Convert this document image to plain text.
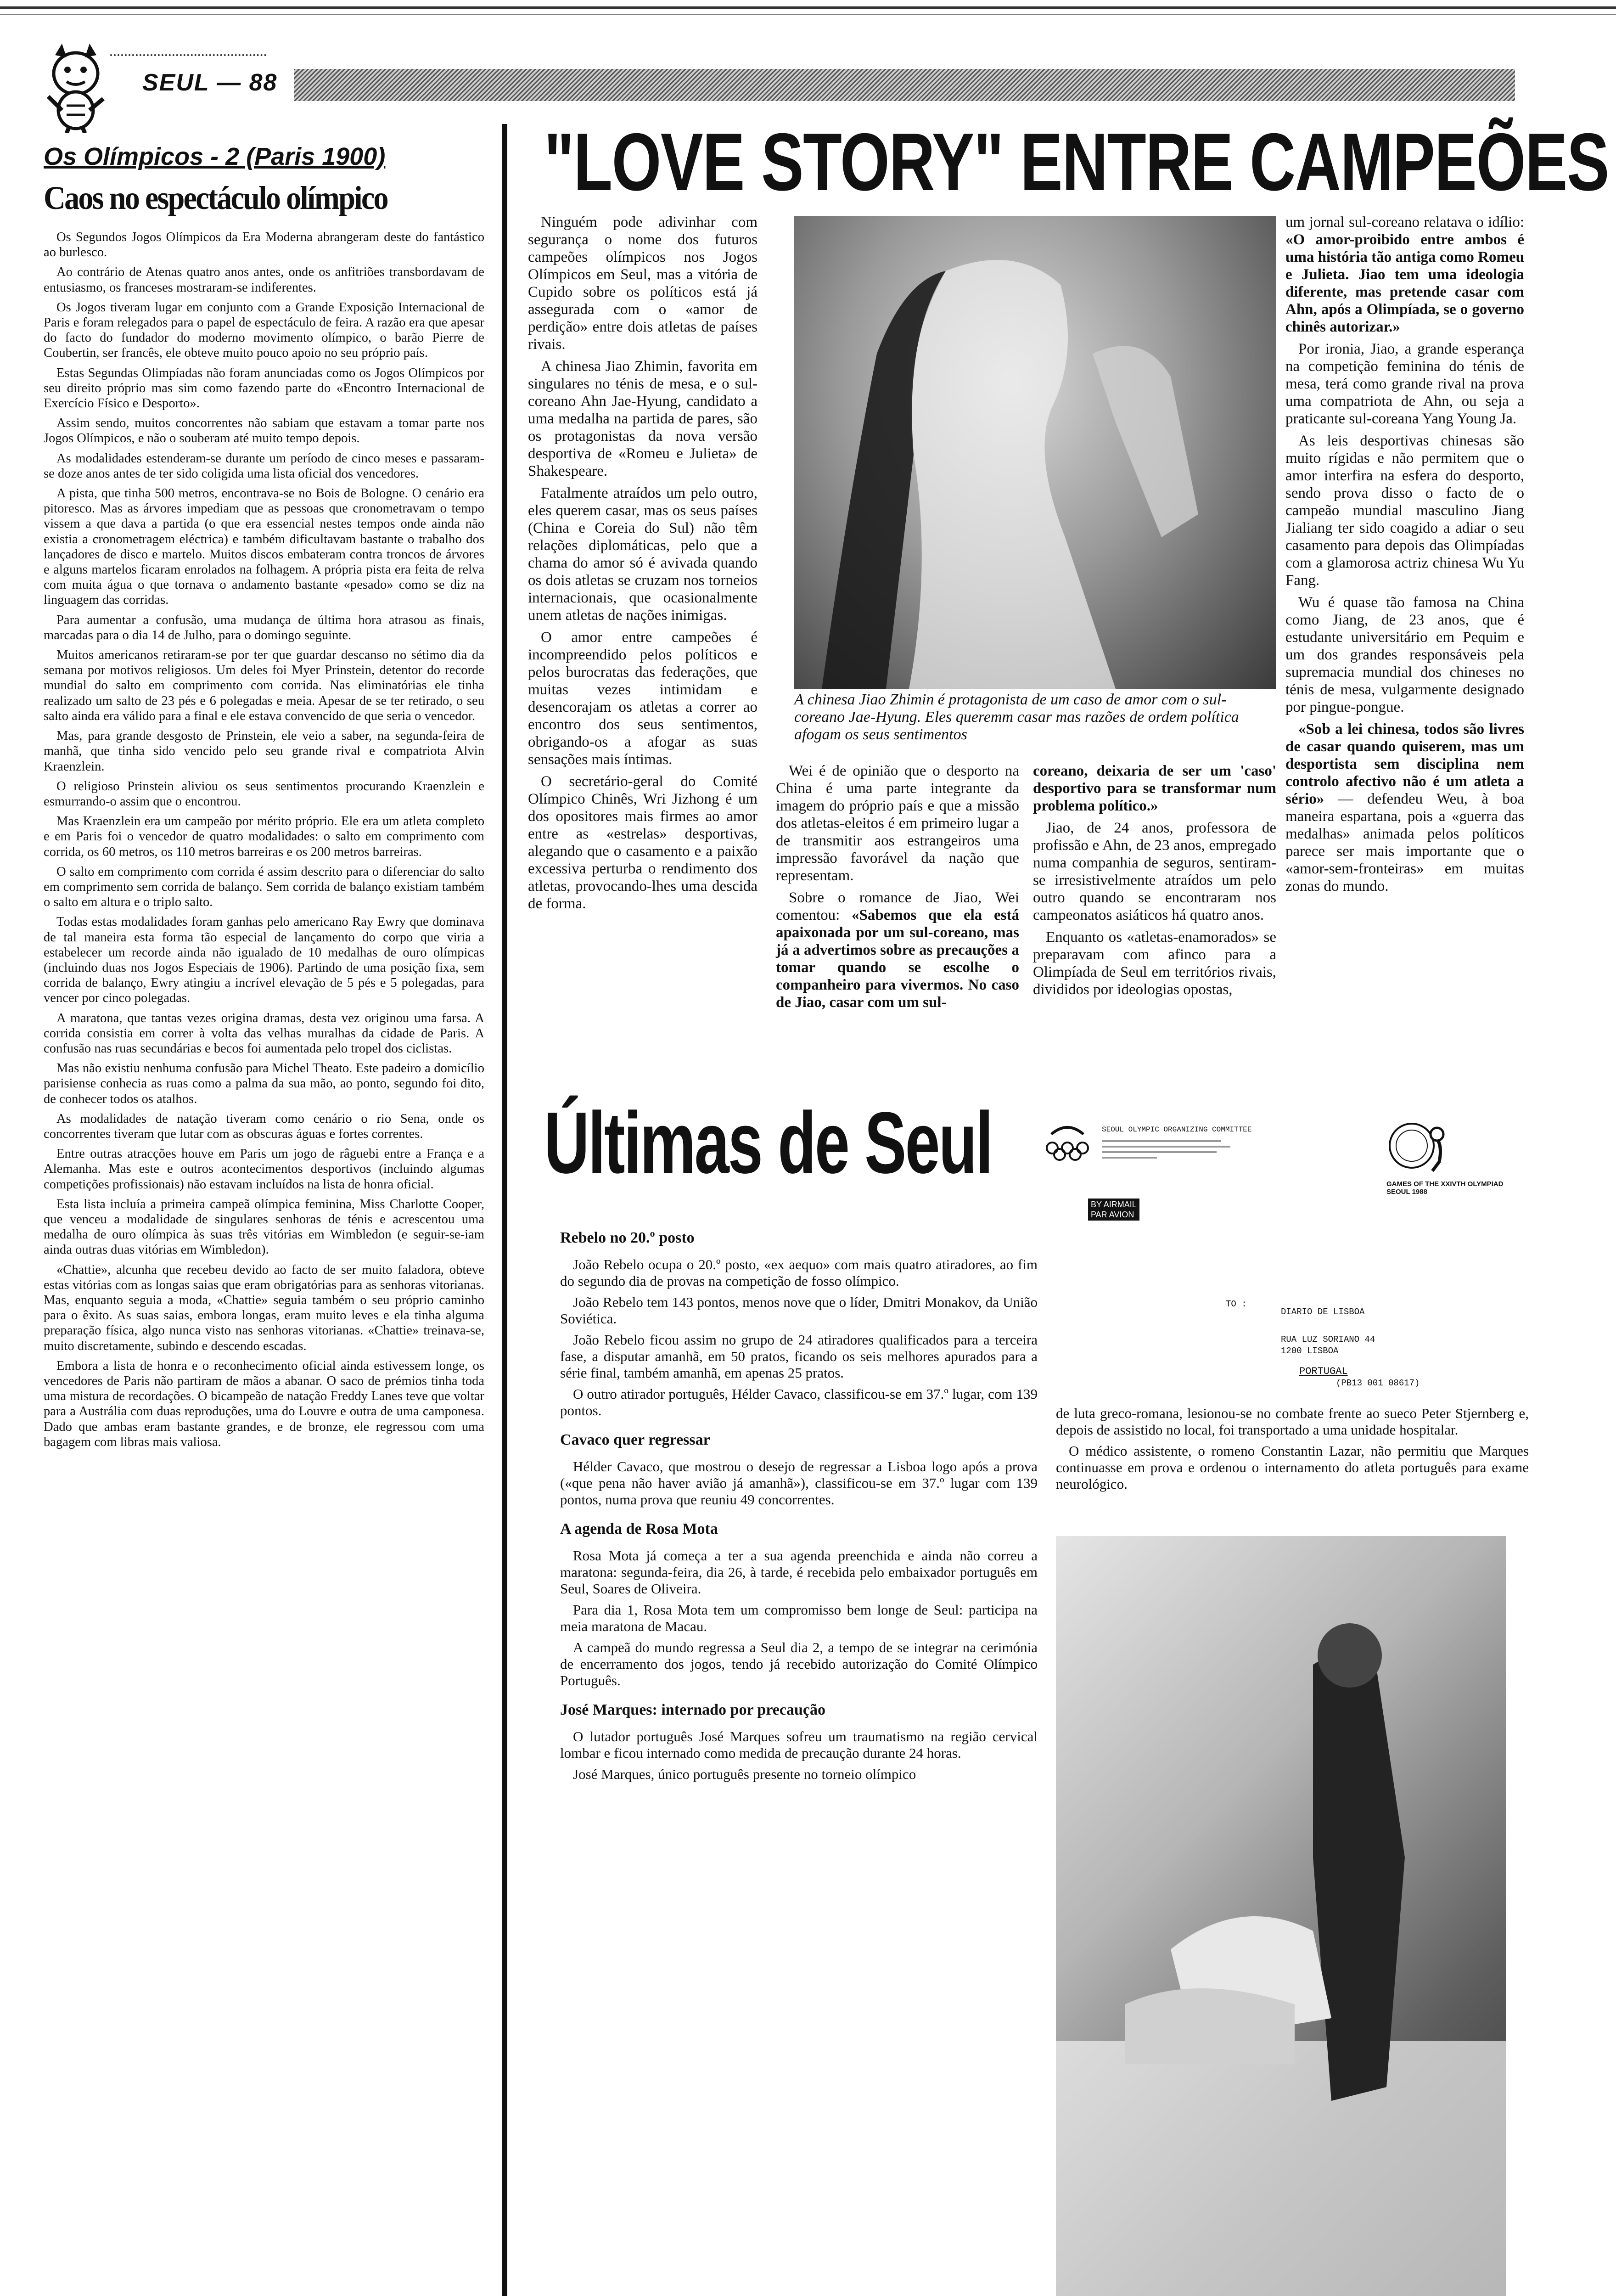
SEUL — 88
Os Olímpicos - 2 (Paris 1900)
Caos no espectáculo olímpico

Os Segundos Jogos Olímpicos da Era Moderna abrangeram deste do fantástico ao burlesco.

Ao contrário de Atenas quatro anos antes, onde os anfitriões transbordavam de entusiasmo, os franceses mostraram-se indiferentes.

Os Jogos tiveram lugar em conjunto com a Grande Exposição Internacional de Paris e foram relegados para o papel de espectáculo de feira. A razão era que apesar do facto do fundador do moderno movimento olímpico, o barão Pierre de Coubertin, ser francês, ele obteve muito pouco apoio no seu próprio país.

Estas Segundas Olimpíadas não foram anunciadas como os Jogos Olímpicos por seu direito próprio mas sim como fazendo parte do «Encontro Internacional de Exercício Físico e Desporto».

Assim sendo, muitos concorrentes não sabiam que estavam a tomar parte nos Jogos Olímpicos, e não o souberam até muito tempo depois.

As modalidades estenderam-se durante um período de cinco meses e passaram-se doze anos antes de ter sido coligida uma lista oficial dos vencedores.

A pista, que tinha 500 metros, encontrava-se no Bois de Bologne. O cenário era pitoresco. Mas as árvores impediam que as pessoas que cronometravam o tempo vissem a que dava a partida (o que era essencial nestes tempos onde ainda não existia a cronometragem eléctrica) e também dificultavam bastante o trabalho dos lançadores de disco e martelo. Muitos discos embateram contra troncos de árvores e alguns martelos ficaram enrolados na folhagem. A própria pista era feita de relva com muita água o que tornava o andamento bastante «pesado» como se diz na linguagem das corridas.

Para aumentar a confusão, uma mudança de última hora atrasou as finais, marcadas para o dia 14 de Julho, para o domingo seguinte.

Muitos americanos retiraram-se por ter que guardar descanso no sétimo dia da semana por motivos religiosos. Um deles foi Myer Prinstein, detentor do recorde mundial do salto em comprimento com corrida. Nas eliminatórias ele tinha realizado um salto de 23 pés e 6 polegadas e meia. Apesar de se ter retirado, o seu salto ainda era válido para a final e ele estava convencido de que seria o vencedor.

Mas, para grande desgosto de Prinstein, ele veio a saber, na segunda-feira de manhã, que tinha sido vencido pelo seu grande rival e compatriota Alvin Kraenzlein.

O religioso Prinstein aliviou os seus sentimentos procurando Kraenzlein e esmurrando-o assim que o encontrou.

Mas Kraenzlein era um campeão por mérito próprio. Ele era um atleta completo e em Paris foi o vencedor de quatro modalidades: o salto em comprimento com corrida, os 60 metros, os 110 metros barreiras e os 200 metros barreiras.

O salto em comprimento com corrida é assim descrito para o diferenciar do salto em comprimento sem corrida de balanço. Sem corrida de balanço existiam também o salto em altura e o triplo salto.

Todas estas modalidades foram ganhas pelo americano Ray Ewry que dominava de tal maneira esta forma tão especial de lançamento do corpo que viria a estabelecer um recorde ainda não igualado de 10 medalhas de ouro olímpicas (incluindo duas nos Jogos Especiais de 1906). Partindo de uma posição fixa, sem corrida de balanço, Ewry atingiu a incrível elevação de 5 pés e 5 polegadas, para vencer por cinco polegadas.

A maratona, que tantas vezes origina dramas, desta vez originou uma farsa. A corrida consistia em correr à volta das velhas muralhas da cidade de Paris. A confusão nas ruas secundárias e becos foi aumentada pelo tropel dos ciclistas.

Mas não existiu nenhuma confusão para Michel Theato. Este padeiro a domicílio parisiense conhecia as ruas como a palma da sua mão, ao ponto, segundo foi dito, de conhecer todos os atalhos.

As modalidades de natação tiveram como cenário o rio Sena, onde os concorrentes tiveram que lutar com as obscuras águas e fortes correntes.

Entre outras atracções houve em Paris um jogo de râguebi entre a França e a Alemanha. Mas este e outros acontecimentos desportivos (incluindo algumas competições profissionais) não estavam incluídos na lista de honra oficial.

Esta lista incluía a primeira campeã olímpica feminina, Miss Charlotte Cooper, que venceu a modalidade de singulares senhoras de ténis e acrescentou uma medalha de ouro olímpica às suas três vitórias em Wimbledon (e seguir-se-iam ainda outras duas vitórias em Wimbledon).

«Chattie», alcunha que recebeu devido ao facto de ser muito faladora, obteve estas vitórias com as longas saias que eram obrigatórias para as senhoras vitorianas. Mas, enquanto seguia a moda, «Chattie» seguia também o seu próprio caminho para o êxito. As suas saias, embora longas, eram muito leves e ela tinha alguma preparação física, algo nunca visto nas senhoras vitorianas. «Chattie» treinava-se, muito discretamente, subindo e descendo escadas.

Embora a lista de honra e o reconhecimento oficial ainda estivessem longe, os vencedores de Paris não partiram de mãos a abanar. O saco de prémios tinha toda uma mistura de recordações. O bicampeão de natação Freddy Lanes teve que voltar para a Austrália com duas reproduções, uma do Louvre e outra de uma camponesa. Dado que ambas eram bastante grandes, e de bronze, ele regressou com uma bagagem com libras mais valiosa.

"LOVE STORY" ENTRE CAMPEÕES

Ninguém pode adivinhar com segurança o nome dos futuros campeões olímpicos nos Jogos Olímpicos em Seul, mas a vitória de Cupido sobre os políticos está já assegurada com o «amor de perdição» entre dois atletas de países rivais.

A chinesa Jiao Zhimin, favorita em singulares no ténis de mesa, e o sul-coreano Ahn Jae-Hyung, candidato a uma medalha na partida de pares, são os protagonistas da nova versão desportiva de «Romeu e Julieta» de Shakespeare.

Fatalmente atraídos um pelo outro, eles querem casar, mas os seus países (China e Coreia do Sul) não têm relações diplomáticas, pelo que a chama do amor só é avivada quando os dois atletas se cruzam nos torneios internacionais, que ocasionalmente unem atletas de nações inimigas.

O amor entre campeões é incompreendido pelos políticos e pelos burocratas das federações, que muitas vezes intimidam e desencorajam os atletas a correr ao encontro dos seus sentimentos, obrigando-os a afogar as suas sensações mais íntimas.

O secretário-geral do Comité Olímpico Chinês, Wri Jizhong é um dos opositores mais firmes ao amor entre as «estrelas» desportivas, alegando que o casamento e a paixão excessiva perturba o rendimento dos atletas, provocando-lhes uma descida de forma.

A chinesa Jiao Zhimin é protagonista de um caso de amor com o sul-coreano Jae-Hyung. Eles queremm casar mas razões de ordem política afogam os seus sentimentos

Wei é de opinião que o desporto na China é uma parte integrante da imagem do próprio país e que a missão dos atletas-eleitos é em primeiro lugar a de transmitir aos estrangeiros uma impressão favorável da nação que representam.

Sobre o romance de Jiao, Wei comentou: «Sabemos que ela está apaixonada por um sul-coreano, mas já a advertimos sobre as precauções a tomar quando se escolhe o companheiro para vivermos. No caso de Jiao, casar com um sul-

coreano, deixaria de ser um 'caso' desportivo para se transformar num problema político.»

Jiao, de 24 anos, professora de profissão e Ahn, de 23 anos, empregado numa companhia de seguros, sentiram-se irresistivelmente atraídos um pelo outro quando se encontraram nos campeonatos asiáticos há quatro anos.

Enquanto os «atletas-enamorados» se preparavam com afinco para a Olimpíada de Seul em territórios rivais, divididos por ideologias opostas,

um jornal sul-coreano relatava o idílio: «O amor-proibido entre ambos é uma história tão antiga como Romeu e Julieta. Jiao tem uma ideologia diferente, mas pretende casar com Ahn, após a Olimpíada, se o governo chinês autorizar.»

Por ironia, Jiao, a grande esperança na competição feminina do ténis de mesa, terá como grande rival na prova uma compatriota de Ahn, ou seja a praticante sul-coreana Yang Young Ja.

As leis desportivas chinesas são muito rígidas e não permitem que o amor interfira na esfera do desporto, sendo prova disso o facto de o campeão mundial masculino Jiang Jialiang ter sido coagido a adiar o seu casamento para depois das Olimpíadas com a glamorosa actriz chinesa Wu Yu Fang.

Wu é quase tão famosa na China como Jiang, de 23 anos, que é estudante universitário em Pequim e um dos grandes responsáveis pela supremacia mundial dos chineses no ténis de mesa, vulgarmente designado por pingue-pongue.

«Sob a lei chinesa, todos são livres de casar quando quiserem, mas um desportista sem disciplina nem controlo afectivo não é um atleta a sério» — defendeu Weu, à boa maneira espartana, pois a «guerra das medalhas» animada pelos políticos parece ser mais importante que o «amor-sem-fronteiras» em muitas zonas do mundo.

Últimas de Seul	SEOUL OLYMPIC ORGANIZING COMMITTEE
BY AIRMAIL
PAR AVION
GAMES OF THE XXIVTH OLYMPIAD SEOUL 1988
TO :
DIARIO DE LISBOA
RUA LUZ SORIANO 44
1200 LISBOA
PORTUGAL
(PB13 001 08617)
Rebelo no 20.º posto

João Rebelo ocupa o 20.º posto, «ex aequo» com mais quatro atiradores, ao fim do segundo dia de provas na competição de fosso olímpico.

João Rebelo tem 143 pontos, menos nove que o líder, Dmitri Monakov, da União Soviética.

João Rebelo ficou assim no grupo de 24 atiradores qualificados para a terceira fase, a disputar amanhã, em 50 pratos, ficando os seis melhores apurados para a série final, também amanhã, em apenas 25 pratos.

O outro atirador português, Hélder Cavaco, classificou-se em 37.º lugar, com 139 pontos.

Cavaco quer regressar

Hélder Cavaco, que mostrou o desejo de regressar a Lisboa logo após a prova («que pena não haver avião já amanhã»), classificou-se em 37.º lugar com 139 pontos, numa prova que reuniu 49 concorrentes.

A agenda de Rosa Mota

Rosa Mota já começa a ter a sua agenda preenchida e ainda não correu a maratona: segunda-feira, dia 26, à tarde, é recebida pelo embaixador português em Seul, Soares de Oliveira.

Para dia 1, Rosa Mota tem um compromisso bem longe de Seul: participa na meia maratona de Macau.

A campeã do mundo regressa a Seul dia 2, a tempo de se integrar na cerimónia de encerramento dos jogos, tendo já recebido autorização do Comité Olímpico Português.

José Marques: internado por precaução

O lutador português José Marques sofreu um traumatismo na região cervical lombar e ficou internado como medida de precaução durante 24 horas.

José Marques, único português presente no torneio olímpico

de luta greco-romana, lesionou-se no combate frente ao sueco Peter Stjernberg e, depois de assistido no local, foi transportado a uma unidade hospitalar.

O médico assistente, o romeno Constantin Lazar, não permitiu que Marques continuasse em prova e ordenou o internamento do atleta português para exame neurológico.
